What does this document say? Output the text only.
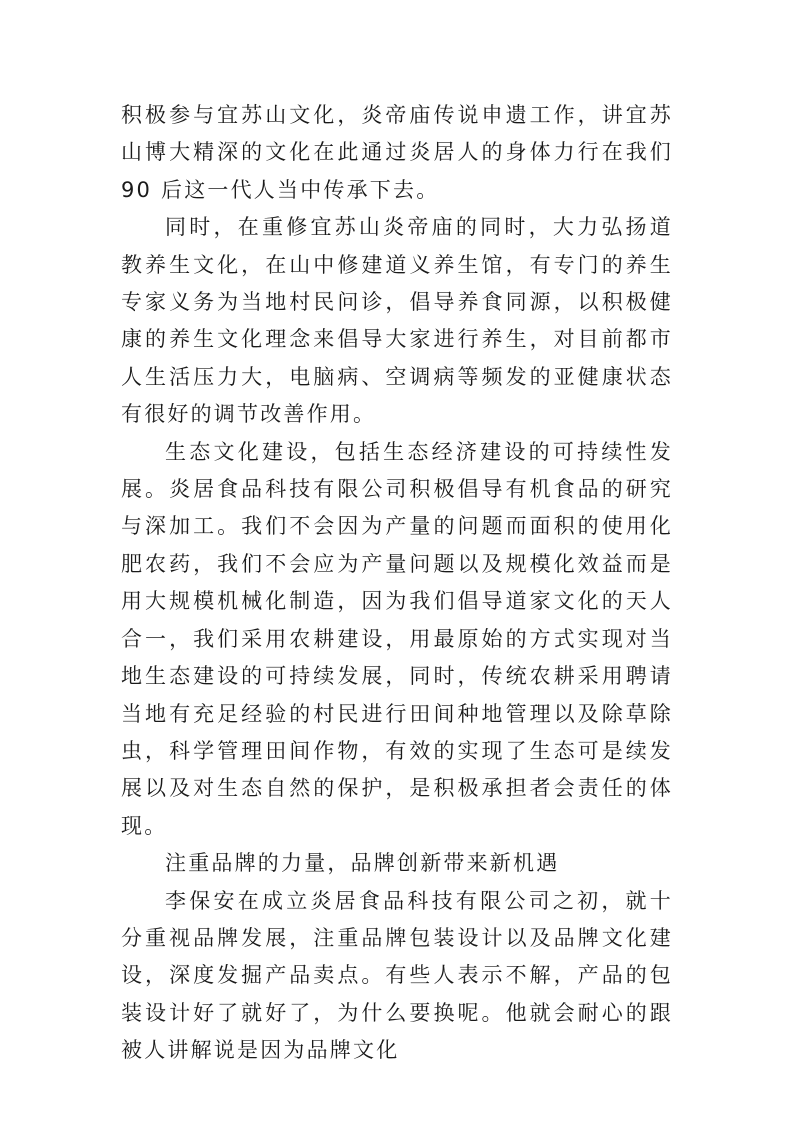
积极参与宜苏山文化，炎帝庙传说申遗工作，讲宜苏山博大精深的文化在此通过炎居人的身体力行在我们 90 后这一代人当中传承下去。

同时，在重修宜苏山炎帝庙的同时，大力弘扬道教养生文化，在山中修建道义养生馆，有专门的养生专家义务为当地村民问诊，倡导养食同源，以积极健康的养生文化理念来倡导大家进行养生，对目前都市人生活压力大，电脑病、空调病等频发的亚健康状态有很好的调节改善作用。

生态文化建设，包括生态经济建设的可持续性发展。炎居食品科技有限公司积极倡导有机食品的研究与深加工。我们不会因为产量的问题而面积的使用化肥农药，我们不会应为产量问题以及规模化效益而是用大规模机械化制造，因为我们倡导道家文化的天人合一，我们采用农耕建设，用最原始的方式实现对当地生态建设的可持续发展，同时，传统农耕采用聘请当地有充足经验的村民进行田间种地管理以及除草除虫，科学管理田间作物，有效的实现了生态可是续发展以及对生态自然的保护，是积极承担者会责任的体现。

注重品牌的力量，品牌创新带来新机遇

李保安在成立炎居食品科技有限公司之初，就十分重视品牌发展，注重品牌包装设计以及品牌文化建设，深度发掘产品卖点。有些人表示不解，产品的包装设计好了就好了，为什么要换呢。他就会耐心的跟被人讲解说是因为品牌文化
